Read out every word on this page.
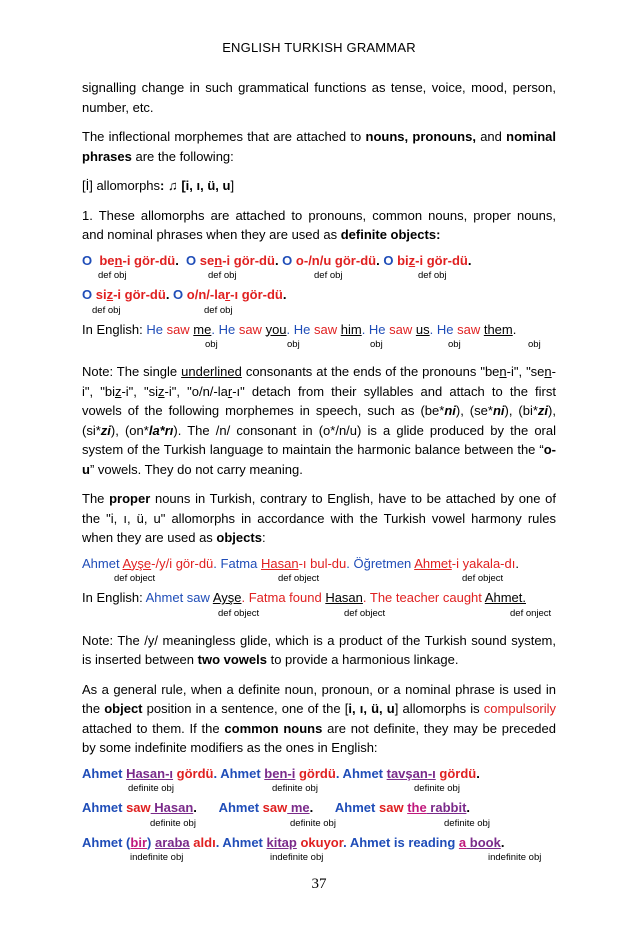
ENGLISH TURKISH GRAMMAR

signalling change in such grammatical functions as tense, voice, mood, person, number, etc.

The inflectional morphemes that are attached to nouns, pronouns, and nominal phrases are the following:

[İ] allomorphs: ♫ [i, ı, ü, u]

1. These allomorphs are attached to pronouns, common nouns, proper nouns, and nominal phrases when they are used as definite objects:

O ben-i gör-dü.  O sen-i gör-dü. O o-/n/u gör-dü. O biz-i gör-dü.
def obj	def obj	def obj	def obj
O siz-i gör-dü. O o/n/-lar-ı gör-dü.
def obj	def obj
In English: He saw me. He saw you. He saw him. He saw us. He saw them.
obj	obj	obj	obj	obj

Note: The single underlined consonants at the ends of the pronouns "ben-i", "sen-i", "biz-i", "siz-i", "o/n/-lar-ı" detach from their syllables and attach to the first vowels of the following morphemes in speech, such as (be*ni), (se*ni), (bi*zi), (si*zi), (on*la*rı). The /n/ consonant in (o*/n/u) is a glide produced by the oral system of the Turkish language to maintain the harmonic balance between the “o-u” vowels. They do not carry meaning.

The proper nouns in Turkish, contrary to English, have to be attached by one of the "i, ı, ü, u" allomorphs in accordance with the Turkish vowel harmony rules when they are used as objects:

Ahmet Ayşe-/y/i gör-dü. Fatma Hasan-ı bul-du. Öğretmen Ahmet-i yakala-dı.
def object	def object	def object
In English: Ahmet saw Ayşe. Fatma found Hasan. The teacher caught Ahmet.
def object	def object	def onject

Note: The /y/ meaningless glide, which is a product of the Turkish sound system, is inserted between two vowels to provide a harmonious linkage.

As a general rule, when a definite noun, pronoun, or a nominal phrase is used in the object position in a sentence, one of the [i, ı, ü, u] allomorphs is compulsorily attached to them. If the common nouns are not definite, they may be preceded by some indefinite modifiers as the ones in English:

Ahmet Hasan-ı gördü. Ahmet ben-i gördü. Ahmet tavşan-ı gördü.
definite obj	definite obj	definite obj
Ahmet saw Hasan. Ahmet saw me. Ahmet saw the rabbit.
definite obj	definite obj	definite obj
Ahmet (bir) araba aldı. Ahmet kitap okuyor. Ahmet is reading a book.
indefinite obj	indefinite obj	indefinite obj
37
